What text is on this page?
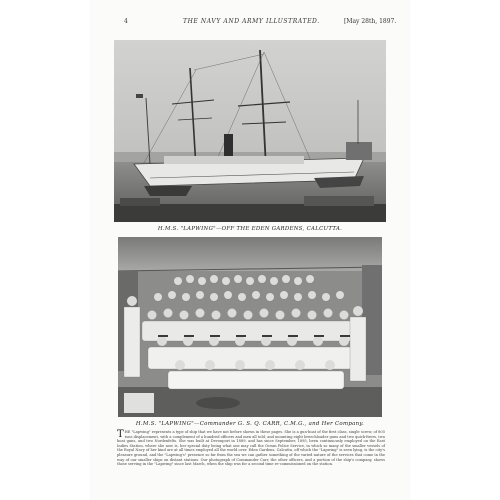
4	THE NAVY AND ARMY ILLUSTRATED.	[May 28th, 1897.
H.M.S. "LAPWING"—OFF THE EDEN GARDENS, CALCUTTA.
H.M.S. "LAPWING"—Commander G. S. Q. CARR, C.M.G., and Her Company.
THE "Lapwing" represents a type of ship that we have not before shown in these pages. She is a gun-boat of the first class, single screw, of 805 tons displacement, with a complement of a hundred officers and men all told, and mounting eight breechloader guns and two quick-firers, two boat guns, and two Nordenfelts. She was built at Devonport in 1889, and has since September, 1895, been continuously employed on the East Indies Station, where she now is, her special duty being what one may call the Ocean Police Service, in which so many of the smaller vessels of the Royal Navy of her kind are at all times employed all the world over. Eden Gardens, Calcutta, off which the "Lapwing" is seen lying, is the city's pleasure ground, and the "Lapwing's" presence so far from the sea we can gather something of the varied nature of the services that come in the way of our smaller ships on distant stations. Our photograph of Commander Carr, the other officers, and a portion of the ship's company, shows those serving in the "Lapwing" since last March, when the ship was for a second time re-commissioned on the station.
